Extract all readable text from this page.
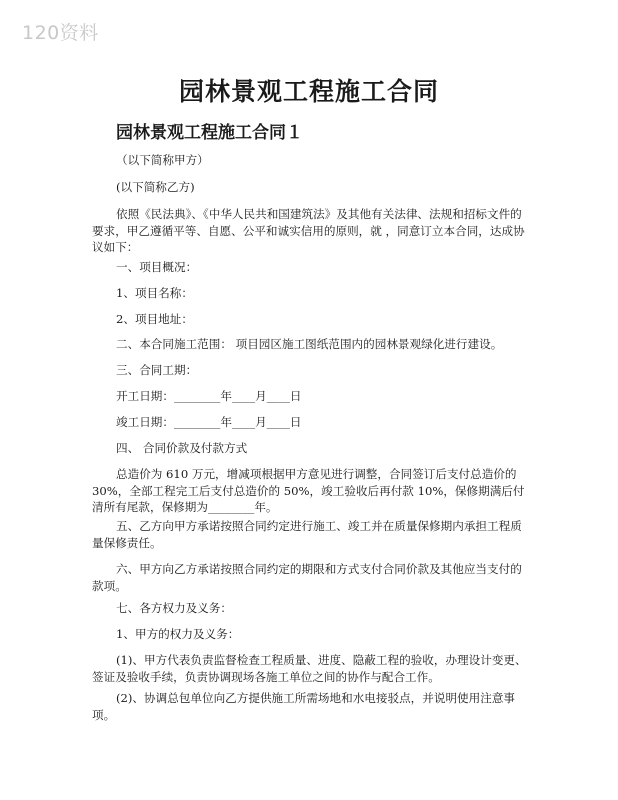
120资料
园林景观工程施工合同
园林景观工程施工合同１

（以下简称甲方）

(以下简称乙方)

依照《民法典》、《中华人民共和国建筑法》及其他有关法律、法规和招标文件的要求，甲乙遵循平等、自愿、公平和诚实信用的原则，就 ，同意订立本合同，达成协议如下：

一、项目概况：

1、项目名称：

2、项目地址：

二、本合同施工范围： 项目园区施工图纸范围内的园林景观绿化进行建设。

三、合同工期：

开工日期：________年____月____日

竣工日期：________年____月____日

四、 合同价款及付款方式

总造价为 610 万元，增减项根据甲方意见进行调整，合同签订后支付总造价的 30%，全部工程完工后支付总造价的 50%，竣工验收后再付款 10%，保修期满后付清所有尾款，保修期为________年。

五、乙方向甲方承诺按照合同约定进行施工、竣工并在质量保修期内承担工程质量保修责任。

六、甲方向乙方承诺按照合同约定的期限和方式支付合同价款及其他应当支付的款项。

七、各方权力及义务：

1、甲方的权力及义务：

(1)、甲方代表负责监督检查工程质量、进度、隐蔽工程的验收，办理设计变更、签证及验收手续，负责协调现场各施工单位之间的协作与配合工作。

(2)、协调总包单位向乙方提供施工所需场地和水电接驳点，并说明使用注意事项。
